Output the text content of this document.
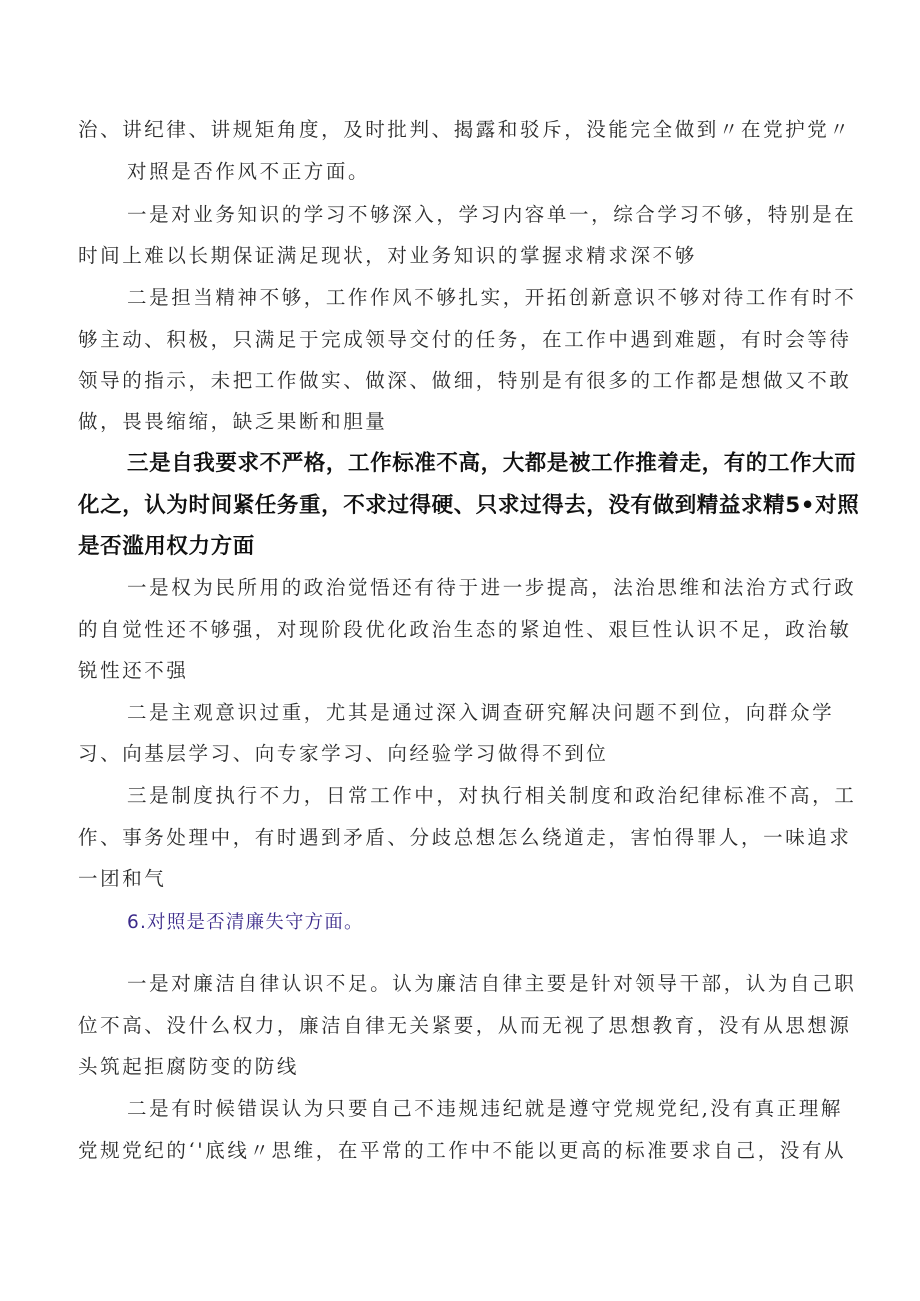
治、讲纪律、讲规矩角度，及时批判、揭露和驳斥，没能完全做到〃在党护党〃
对照是否作风不正方面。
一是对业务知识的学习不够深入，学习内容单一，综合学习不够，特别是在
时间上难以长期保证满足现状，对业务知识的掌握求精求深不够
二是担当精神不够，工作作风不够扎实，开拓创新意识不够对待工作有时不
够主动、积极，只满足于完成领导交付的任务，在工作中遇到难题，有时会等待
领导的指示，未把工作做实、做深、做细，特别是有很多的工作都是想做又不敢
做，畏畏缩缩，缺乏果断和胆量
三是自我要求不严格，工作标准不高，大都是被工作推着走，有的工作大而
化之，认为时间紧任务重，不求过得硬、只求过得去，没有做到精益求精5•对照
是否滥用权力方面
一是权为民所用的政治觉悟还有待于进一步提高，法治思维和法治方式行政
的自觉性还不够强，对现阶段优化政治生态的紧迫性、艰巨性认识不足，政治敏
锐性还不强
二是主观意识过重，尤其是通过深入调查研究解决问题不到位，向群众学
习、向基层学习、向专家学习、向经验学习做得不到位
三是制度执行不力，日常工作中，对执行相关制度和政治纪律标准不高，工
作、事务处理中，有时遇到矛盾、分歧总想怎么绕道走，害怕得罪人，一味追求
一团和气
6.对照是否清廉失守方面。
一是对廉洁自律认识不足。认为廉洁自律主要是针对领导干部，认为自己职
位不高、没什么权力，廉洁自律无关紧要，从而无视了思想教育，没有从思想源
头筑起拒腐防变的防线
二是有时候错误认为只要自己不违规违纪就是遵守党规党纪,没有真正理解
党规党纪的‘'底线〃思维，在平常的工作中不能以更高的标准要求自己，没有从
